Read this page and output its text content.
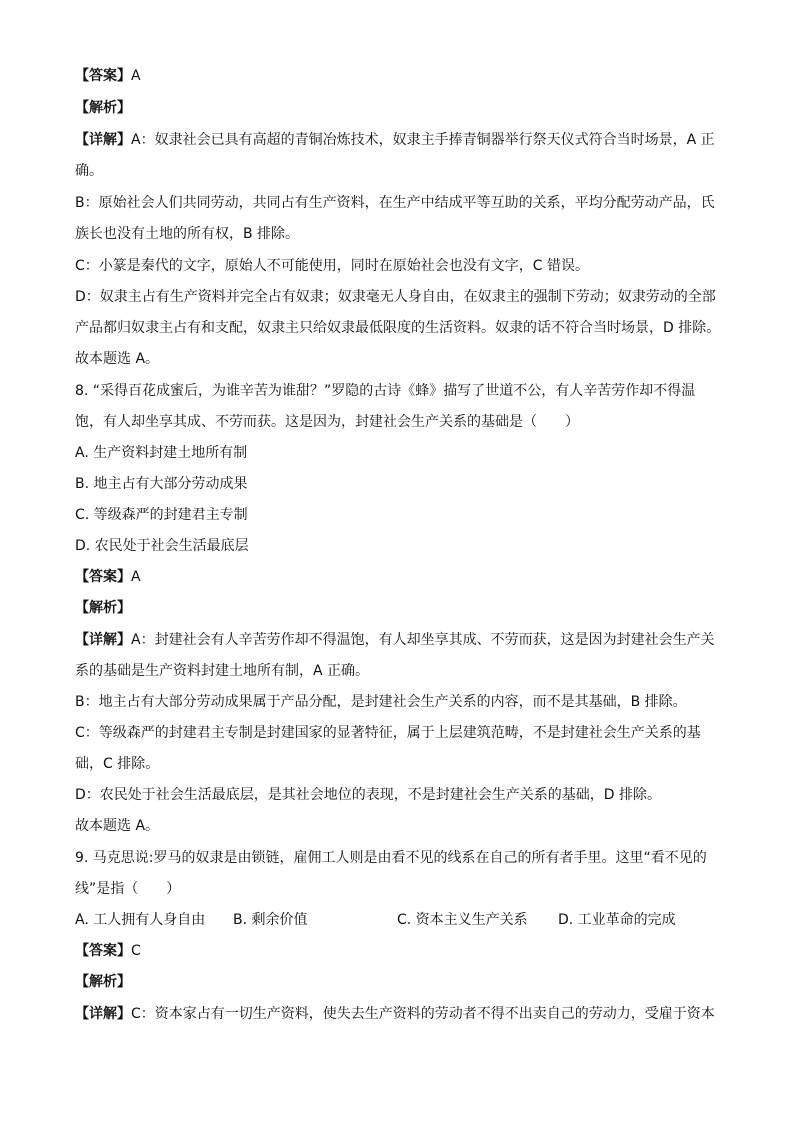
【答案】A
【解析】
【详解】A：奴隶社会已具有高超的青铜冶炼技术，奴隶主手捧青铜器举行祭天仪式符合当时场景，A 正
确。
B：原始社会人们共同劳动，共同占有生产资料，在生产中结成平等互助的关系，平均分配劳动产品，氏
族长也没有土地的所有权，B 排除。
C：小篆是秦代的文字，原始人不可能使用，同时在原始社会也没有文字，C 错误。
D：奴隶主占有生产资料并完全占有奴隶；奴隶毫无人身自由，在奴隶主的强制下劳动；奴隶劳动的全部
产品都归奴隶主占有和支配，奴隶主只给奴隶最低限度的生活资料。奴隶的话不符合当时场景，D 排除。
故本题选 A。
8. “采得百花成蜜后，为谁辛苦为谁甜？”罗隐的古诗《蜂》描写了世道不公，有人辛苦劳作却不得温
饱，有人却坐享其成、不劳而获。这是因为，封建社会生产关系的基础是（　　）
A. 生产资料封建土地所有制
B. 地主占有大部分劳动成果
C. 等级森严的封建君主专制
D. 农民处于社会生活最底层
【答案】A
【解析】
【详解】A：封建社会有人辛苦劳作却不得温饱，有人却坐享其成、不劳而获，这是因为封建社会生产关
系的基础是生产资料封建土地所有制，A 正确。
B：地主占有大部分劳动成果属于产品分配，是封建社会生产关系的内容，而不是其基础，B 排除。
C：等级森严的封建君主专制是封建国家的显著特征，属于上层建筑范畴，不是封建社会生产关系的基
础，C 排除。
D：农民处于社会生活最底层，是其社会地位的表现，不是封建社会生产关系的基础，D 排除。
故本题选 A。
9. 马克思说:罗马的奴隶是由锁链，雇佣工人则是由看不见的线系在自己的所有者手里。这里“看不见的
线”是指（　　）
A. 工人拥有人身自由 B. 剩余价值	C. 资本主义生产关系 D. 工业革命的完成
【答案】C
【解析】
【详解】C：资本家占有一切生产资料，使失去生产资料的劳动者不得不出卖自己的劳动力，受雇于资本
